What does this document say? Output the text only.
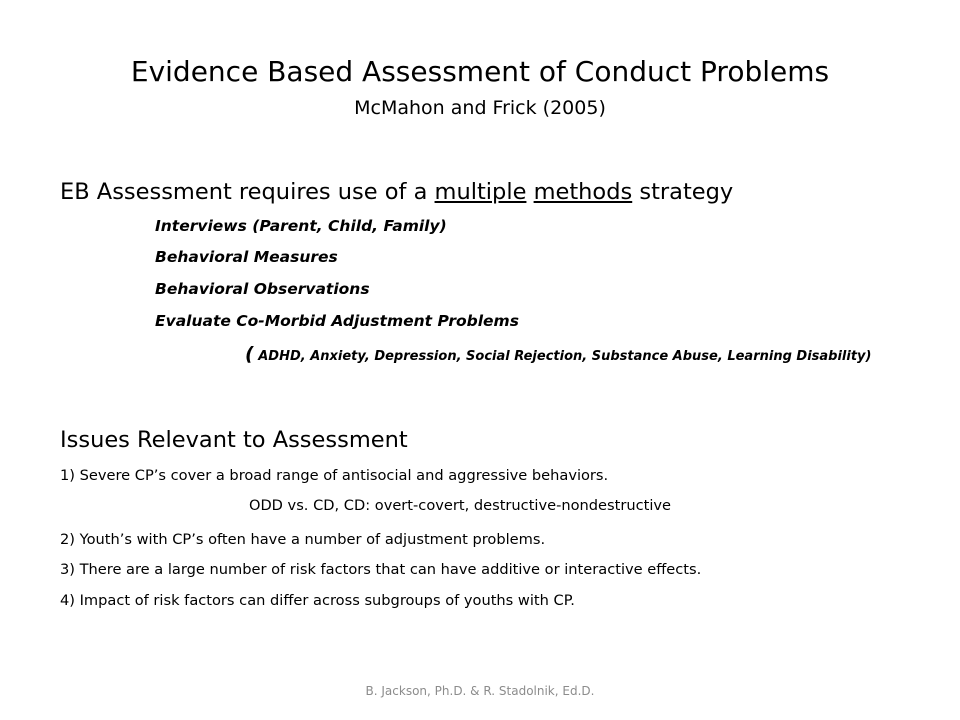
Evidence Based Assessment of Conduct Problems
McMahon and Frick (2005)
EB Assessment requires use of a multiple methods strategy
Interviews (Parent, Child, Family)
Behavioral Measures
Behavioral Observations
Evaluate Co-Morbid Adjustment Problems
( ADHD, Anxiety, Depression, Social Rejection, Substance Abuse, Learning Disability)
Issues Relevant to Assessment
1) Severe CP’s cover a broad range of antisocial and aggressive behaviors.
ODD vs. CD, CD: overt-covert, destructive-nondestructive
2) Youth’s with CP’s often have a number of adjustment problems.
3) There are a large number of risk factors that can have additive or interactive effects.
4) Impact of risk factors can differ across subgroups of youths with CP.
B. Jackson, Ph.D. & R. Stadolnik, Ed.D.
